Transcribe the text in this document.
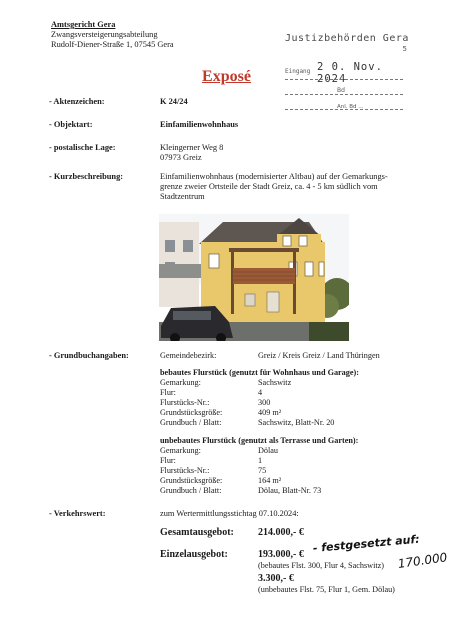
Amtsgericht Gera
Zwangsversteigerungsabteilung
Rudolf-Diener-Straße 1, 07545 Gera
Justizbehörden Gera
5
Eingang 2 0. Nov. 2024
Bd
Anl. Bd ...
Exposé
- Aktenzeichen:	K 24/24
- Objektart:	Einfamilienwohnhaus
- postalische Lage:	Kleingerner Weg 8
07973 Greiz
- Kurzbeschreibung:	Einfamilienwohnhaus (modernisierter Altbau) auf der Gemarkungs-
grenze zweier Ortsteile der Stadt Greiz, ca. 4 - 5 km südlich vom
Stadtzentrum
- Grundbuchangaben:	Gemeindebezirk:	Greiz / Kreis Greiz / Land Thüringen
bebautes Flurstück (genutzt für Wohnhaus und Garage):
Gemarkung:	Sachswitz
Flur:	4
Flurstücks-Nr.:	300
Grundstücksgröße:	409 m²
Grundbuch / Blatt:	Sachswitz, Blatt-Nr. 20
unbebautes Flurstück (genutzt als Terrasse und Garten):
Gemarkung:	Dölau
Flur:	1
Flurstücks-Nr.:	75
Grundstücksgröße:	164 m²
Grundbuch / Blatt:	Dölau, Blatt-Nr. 73
- Verkehrswert:	zum Wertermittlungsstichtag 07.10.2024:
Gesamtausgebot: 214.000,- €
Einzelausgebot:	193.000,- € - festgesetzt auf:
(bebautes Flst. 300, Flur 4, Sachswitz) 170.000
3.300,- €
(unbebautes Flst. 75, Flur 1, Gem. Dölau)
